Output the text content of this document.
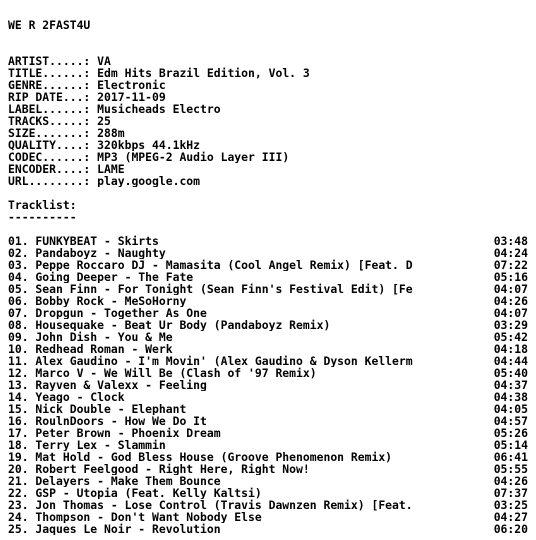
WE R 2FAST4U
ARTIST.....: VA
TITLE......: Edm Hits Brazil Edition, Vol. 3
GENRE......: Electronic
RIP DATE...: 2017-11-09
LABEL......: Musicheads Electro
TRACKS.....: 25
SIZE.......: 288m
QUALITY....: 320kbps 44.1kHz
CODEC......: MP3 (MPEG-2 Audio Layer III)
ENCODER....: LAME
URL........: play.google.com
Tracklist:
----------
01. FUNKYBEAT - Skirts	03:48
02. Pandaboyz - Naughty	04:24
03. Peppe Roccaro DJ - Mamasita (Cool Angel Remix) [Feat. D	07:22
04. Going Deeper - The Fate	05:16
05. Sean Finn - For Tonight (Sean Finn's Festival Edit) [Fe	04:07
06. Bobby Rock - MeSoHorny	04:26
07. Dropgun - Together As One	04:07
08. Housequake - Beat Ur Body (Pandaboyz Remix)	03:29
09. John Dish - You & Me	05:42
10. Redhead Roman - Werk	04:18
11. Alex Gaudino - I'm Movin' (Alex Gaudino & Dyson Kellerm	04:44
12. Marco V - We Will Be (Clash of '97 Remix)	05:40
13. Rayven & Valexx - Feeling	04:37
14. Yeago - Clock	04:38
15. Nick Double - Elephant	04:05
16. RoulnDoors - How We Do It	04:57
17. Peter Brown - Phoenix Dream	05:26
18. Terry Lex - Slammin	05:14
19. Mat Hold - God Bless House (Groove Phenomenon Remix)	06:41
20. Robert Feelgood - Right Here, Right Now!	05:55
21. Delayers - Make Them Bounce	04:26
22. GSP - Utopia (Feat. Kelly Kaltsi)	07:37
23. Jon Thomas - Lose Control (Travis Dawnzen Remix) [Feat.	03:25
24. Thompson - Don't Want Nobody Else	04:27
25. Jaques Le Noir - Revolution	06:20
